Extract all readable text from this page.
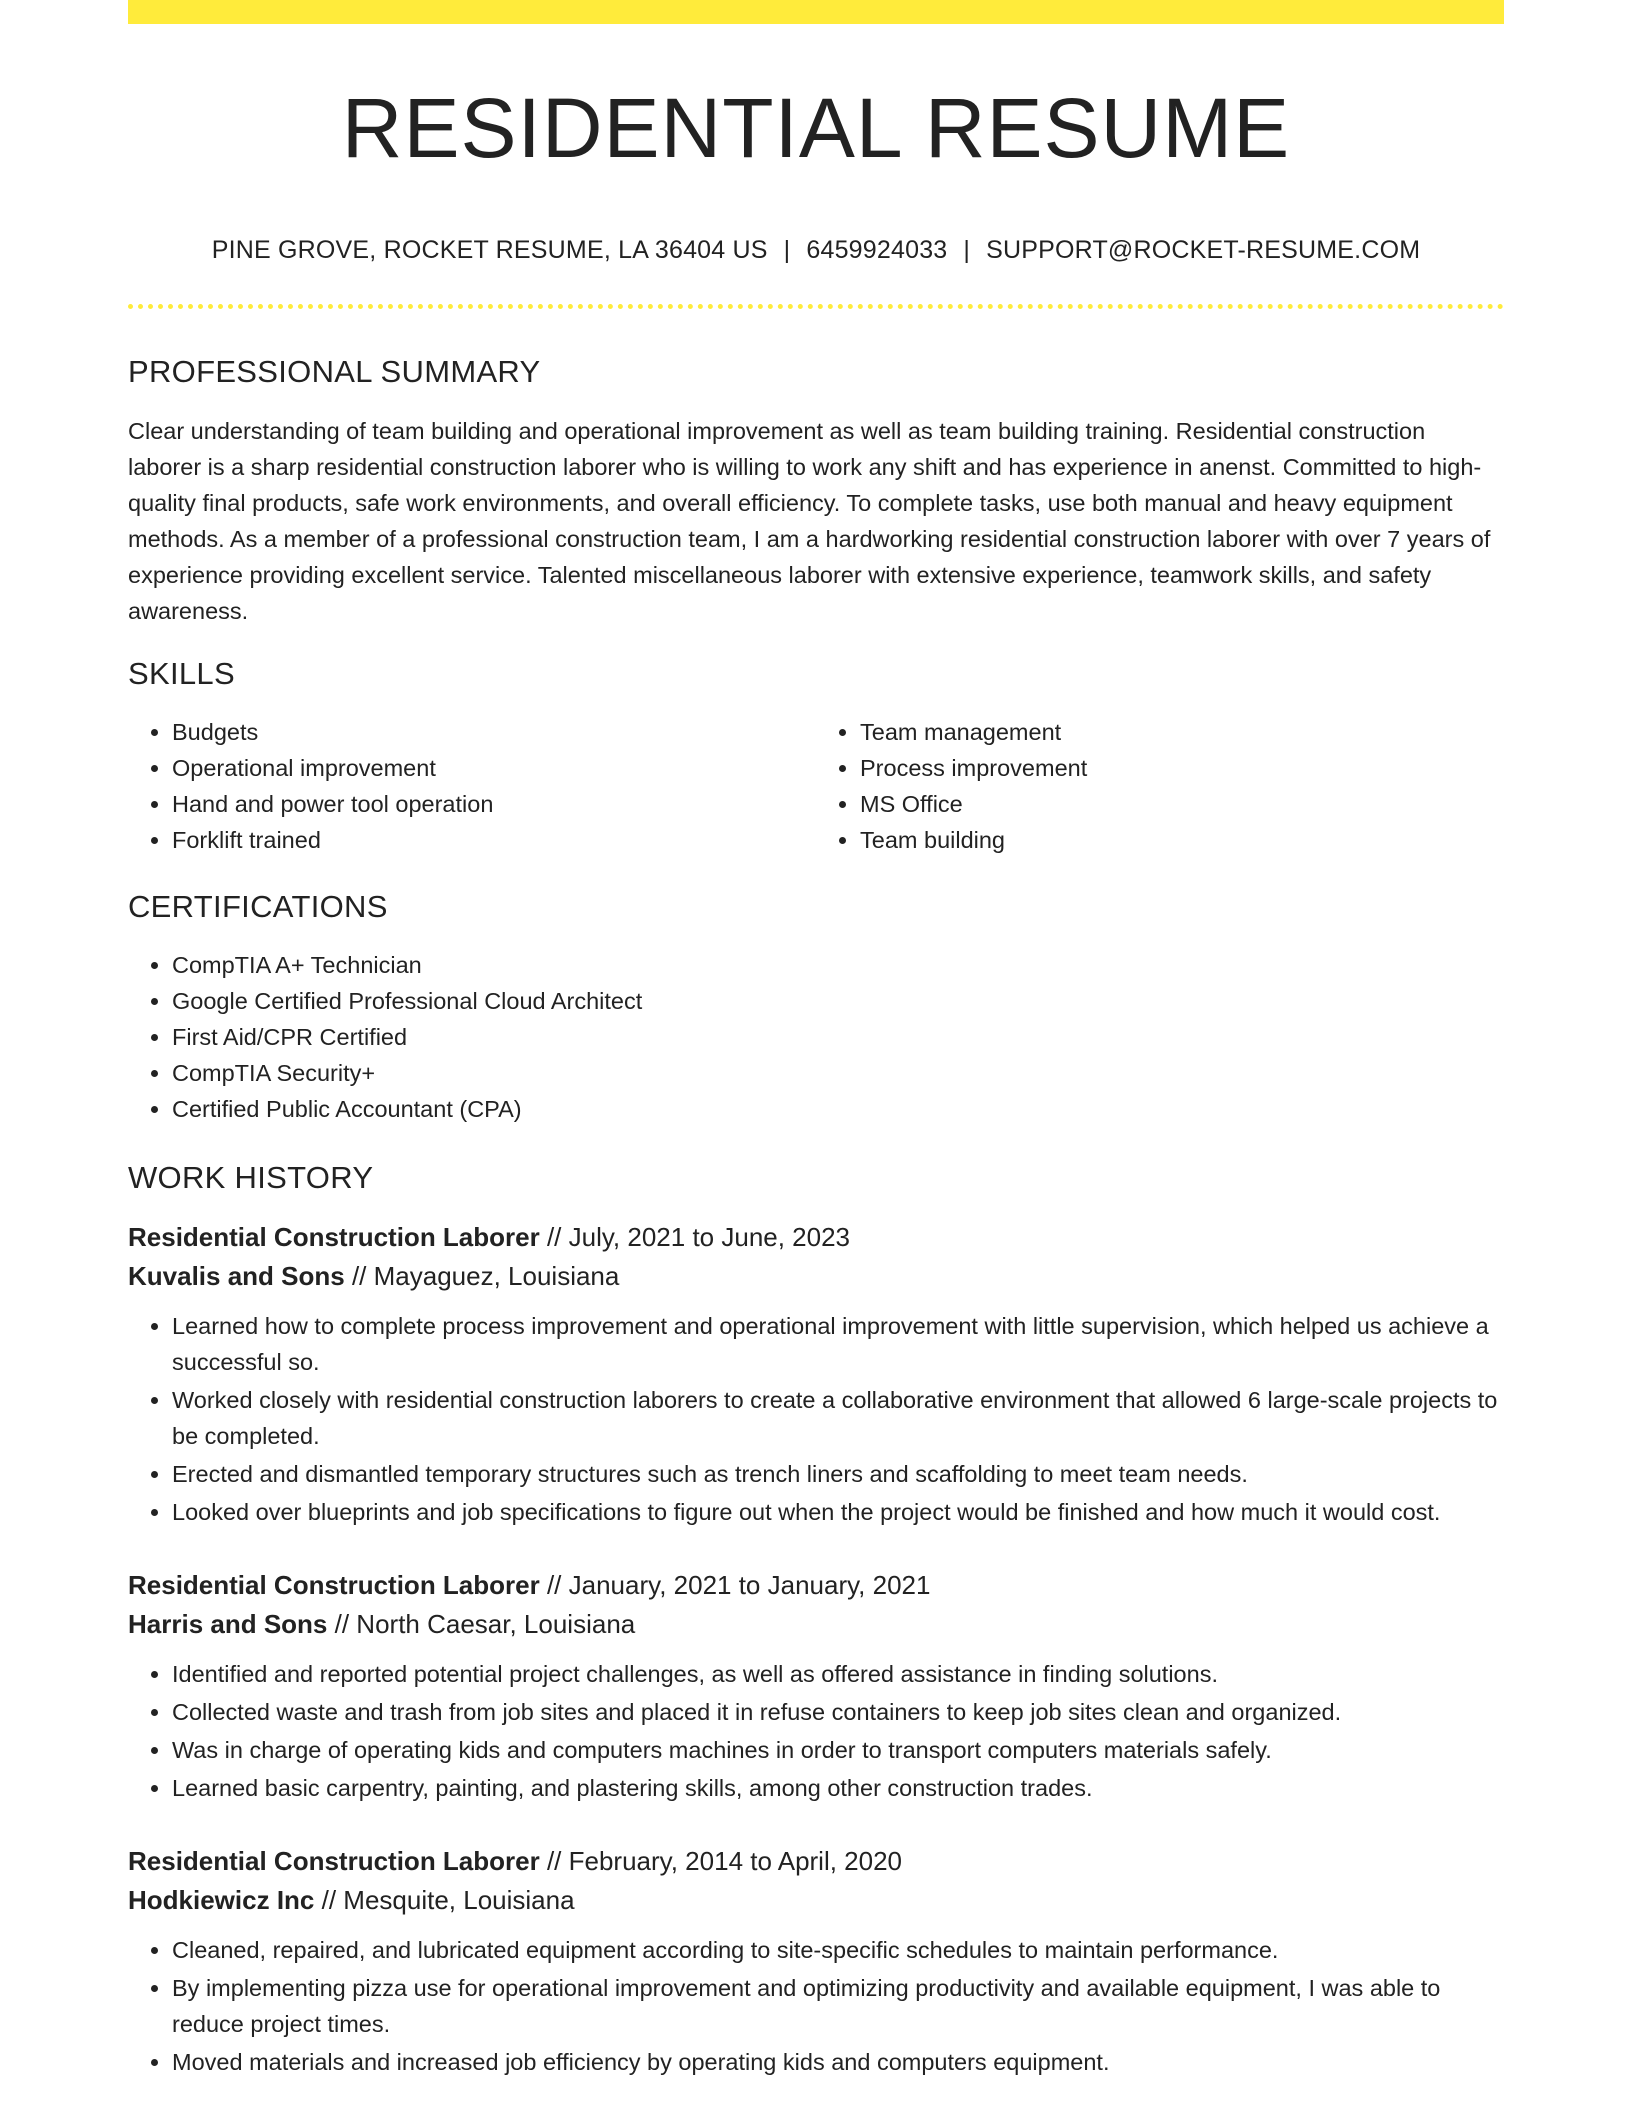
RESIDENTIAL RESUME
PINE GROVE, ROCKET RESUME, LA 36404 US | 6459924033 | SUPPORT@ROCKET-RESUME.COM
PROFESSIONAL SUMMARY

Clear understanding of team building and operational improvement as well as team building training. Residential construction laborer is a sharp residential construction laborer who is willing to work any shift and has experience in anenst. Committed to high-quality final products, safe work environments, and overall efficiency. To complete tasks, use both manual and heavy equipment methods. As a member of a professional construction team, I am a hardworking residential construction laborer with over 7 years of experience providing excellent service. Talented miscellaneous laborer with extensive experience, teamwork skills, and safety awareness.

SKILLS
• Budgets
• Operational improvement
• Hand and power tool operation
• Forklift trained
• Team management
• Process improvement
• MS Office
• Team building
CERTIFICATIONS
• CompTIA A+ Technician
• Google Certified Professional Cloud Architect
• First Aid/CPR Certified
• CompTIA Security+
• Certified Public Accountant (CPA)
WORK HISTORY
Residential Construction Laborer // July, 2021 to June, 2023
Kuvalis and Sons // Mayaguez, Louisiana
• Learned how to complete process improvement and operational improvement with little supervision, which helped us achieve a successful so.
• Worked closely with residential construction laborers to create a collaborative environment that allowed 6 large-scale projects to be completed.
• Erected and dismantled temporary structures such as trench liners and scaffolding to meet team needs.
• Looked over blueprints and job specifications to figure out when the project would be finished and how much it would cost.
Residential Construction Laborer // January, 2021 to January, 2021
Harris and Sons // North Caesar, Louisiana
• Identified and reported potential project challenges, as well as offered assistance in finding solutions.
• Collected waste and trash from job sites and placed it in refuse containers to keep job sites clean and organized.
• Was in charge of operating kids and computers machines in order to transport computers materials safely.
• Learned basic carpentry, painting, and plastering skills, among other construction trades.
Residential Construction Laborer // February, 2014 to April, 2020
Hodkiewicz Inc // Mesquite, Louisiana
• Cleaned, repaired, and lubricated equipment according to site-specific schedules to maintain performance.
• By implementing pizza use for operational improvement and optimizing productivity and available equipment, I was able to reduce project times.
• Moved materials and increased job efficiency by operating kids and computers equipment.
